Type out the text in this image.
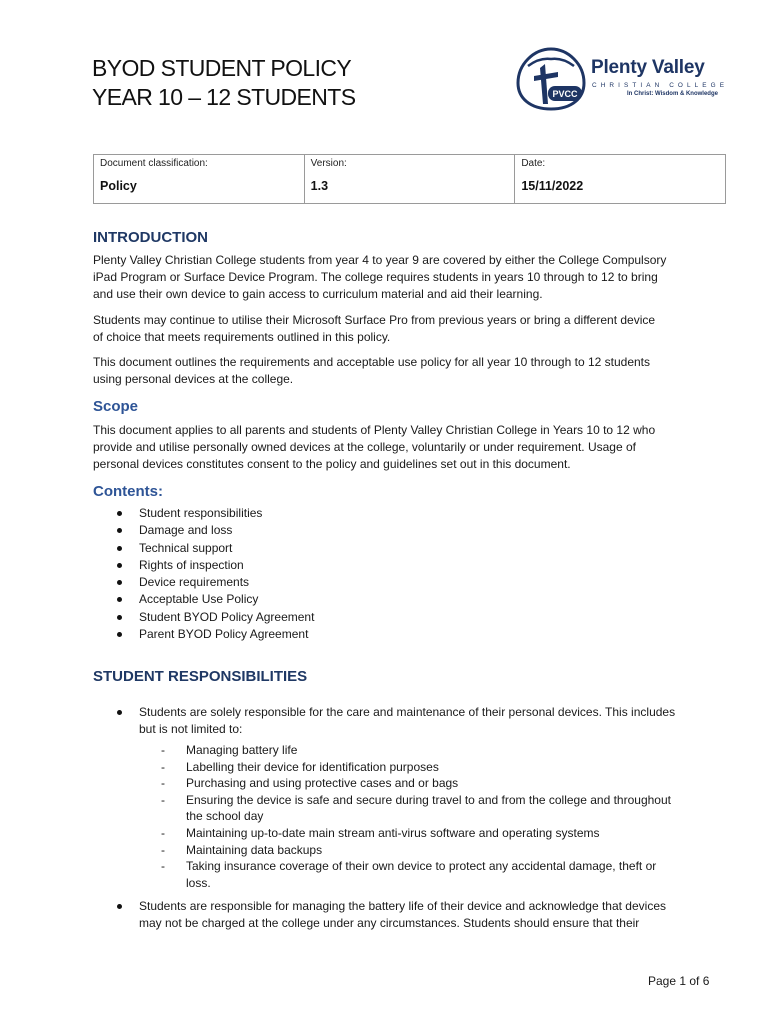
BYOD STUDENT POLICY
YEAR 10 – 12 STUDENTS	PVCC
Plenty Valley
CHRISTIAN COLLEGE
In Christ: Wisdom & Knowledge
Document classification:
Policy

Version:
1.3

Date:
15/11/2022
INTRODUCTION
Plenty Valley Christian College students from year 4 to year 9 are covered by either the College Compulsory
iPad Program or Surface Device Program. The college requires students in years 10 through to 12 to bring
and use their own device to gain access to curriculum material and aid their learning.
Students may continue to utilise their Microsoft Surface Pro from previous years or bring a different device
of choice that meets requirements outlined in this policy.
This document outlines the requirements and acceptable use policy for all year 10 through to 12 students
using personal devices at the college.
Scope
This document applies to all parents and students of Plenty Valley Christian College in Years 10 to 12 who
provide and utilise personally owned devices at the college, voluntarily or under requirement. Usage of
personal devices constitutes consent to the policy and guidelines set out in this document.
Contents:
Student responsibilities
Damage and loss
Technical support
Rights of inspection
Device requirements
Acceptable Use Policy
Student BYOD Policy Agreement
Parent BYOD Policy Agreement
STUDENT RESPONSIBILITIES
Students are solely responsible for the care and maintenance of their personal devices. This includes
but is not limited to:
- Managing battery life
- Labelling their device for identification purposes
- Purchasing and using protective cases and or bags
- Ensuring the device is safe and secure during travel to and from the college and throughout
the school day
- Maintaining up-to-date main stream anti-virus software and operating systems
- Maintaining data backups
- Taking insurance coverage of their own device to protect any accidental damage, theft or
loss.
Students are responsible for managing the battery life of their device and acknowledge that devices
may not be charged at the college under any circumstances. Students should ensure that their
Page 1 of 6
